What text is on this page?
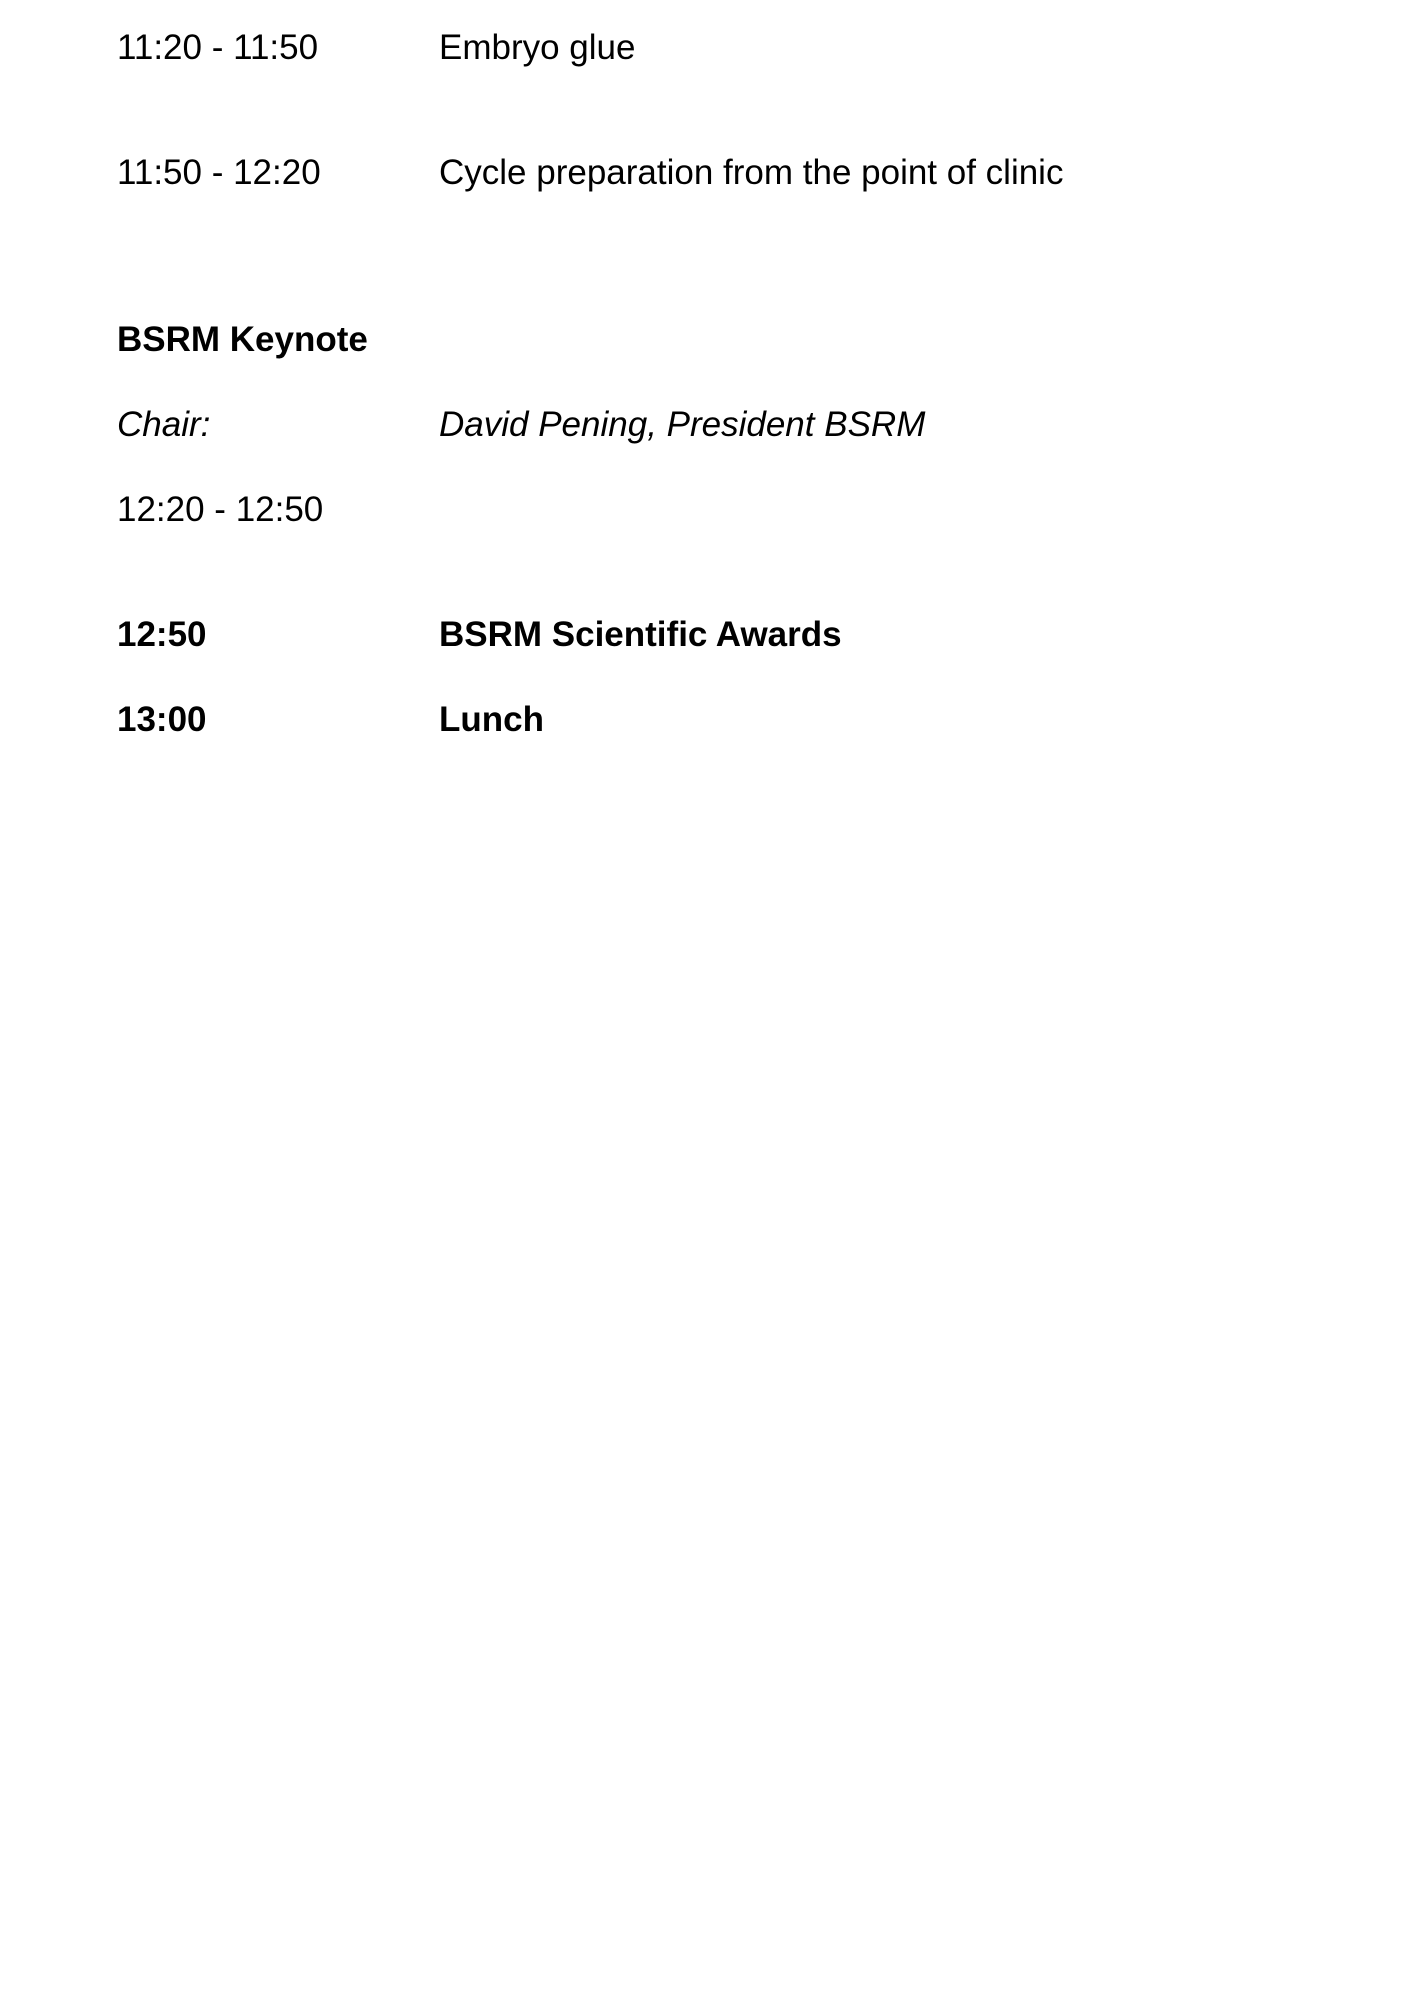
11:20 - 11:50	Embryo glue
11:50 - 12:20	Cycle preparation from the point of clinic
BSRM Keynote
Chair:	David Pening, President BSRM
12:20 - 12:50
12:50	BSRM Scientific Awards
13:00	Lunch
